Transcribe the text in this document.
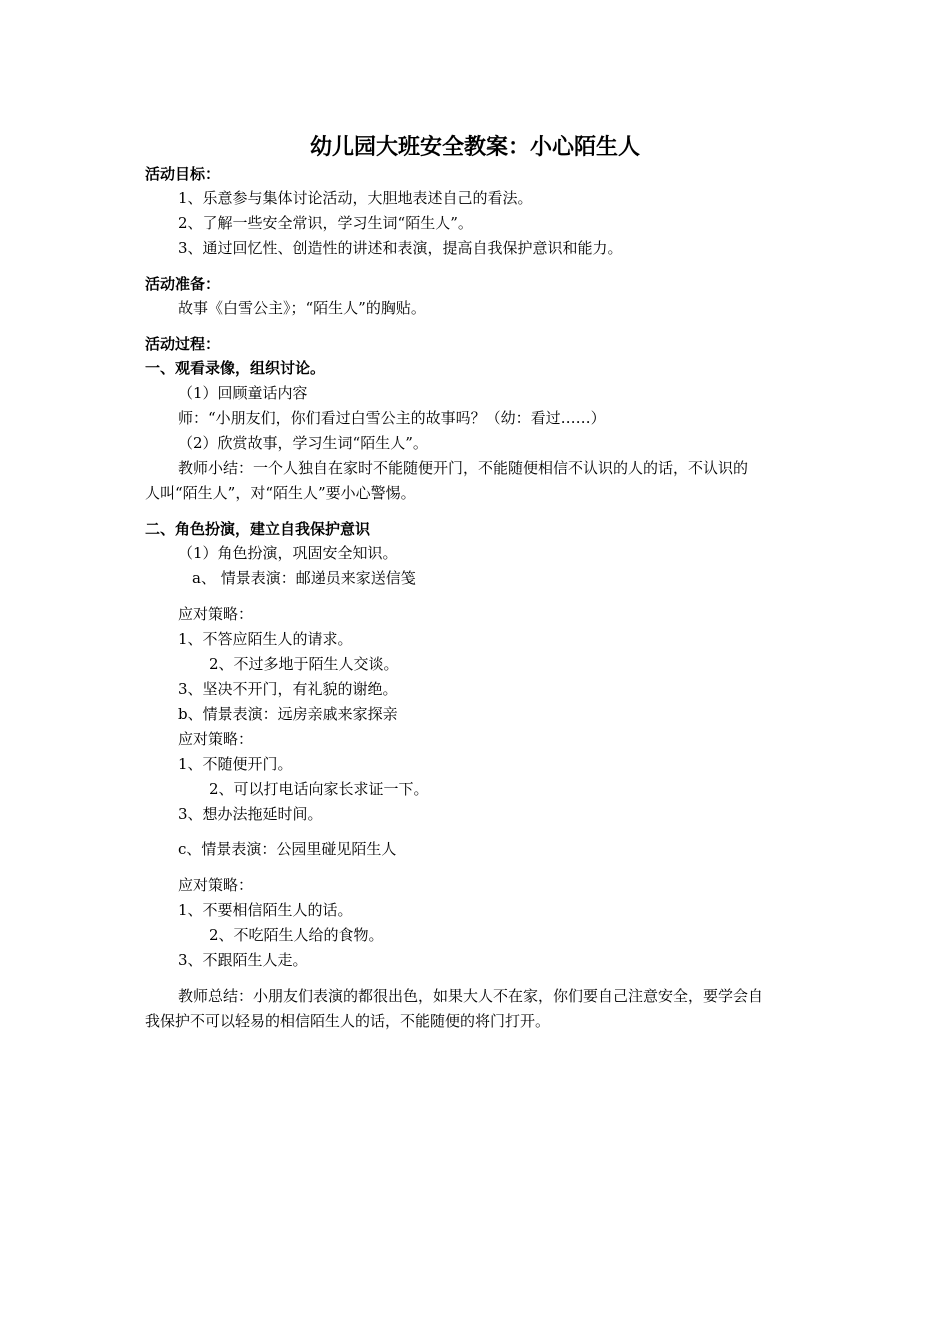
幼儿园大班安全教案：小心陌生人
活动目标：
1、乐意参与集体讨论活动，大胆地表述自己的看法。
2、了解一些安全常识，学习生词“陌生人”。
3、通过回忆性、创造性的讲述和表演，提高自我保护意识和能力。
活动准备：
故事《白雪公主》；“陌生人”的胸贴。
活动过程：
一、观看录像，组织讨论。
（1）回顾童话内容
师：“小朋友们，你们看过白雪公主的故事吗？（幼：看过……）
（2）欣赏故事，学习生词“陌生人”。
教师小结：一个人独自在家时不能随便开门，不能随便相信不认识的人的话，不认识的
人叫“陌生人”，对“陌生人”要小心警惕。
二、角色扮演，建立自我保护意识
（1）角色扮演，巩固安全知识。
a、 情景表演：邮递员来家送信笺
应对策略：
1、不答应陌生人的请求。
2、不过多地于陌生人交谈。
3、坚决不开门，有礼貌的谢绝。
b、情景表演：远房亲戚来家探亲
应对策略：
1、不随便开门。
2、可以打电话向家长求证一下。
3、想办法拖延时间。
c、情景表演：公园里碰见陌生人
应对策略：
1、不要相信陌生人的话。
2、不吃陌生人给的食物。
3、不跟陌生人走。
教师总结：小朋友们表演的都很出色，如果大人不在家，你们要自己注意安全，要学会自
我保护不可以轻易的相信陌生人的话，不能随便的将门打开。
